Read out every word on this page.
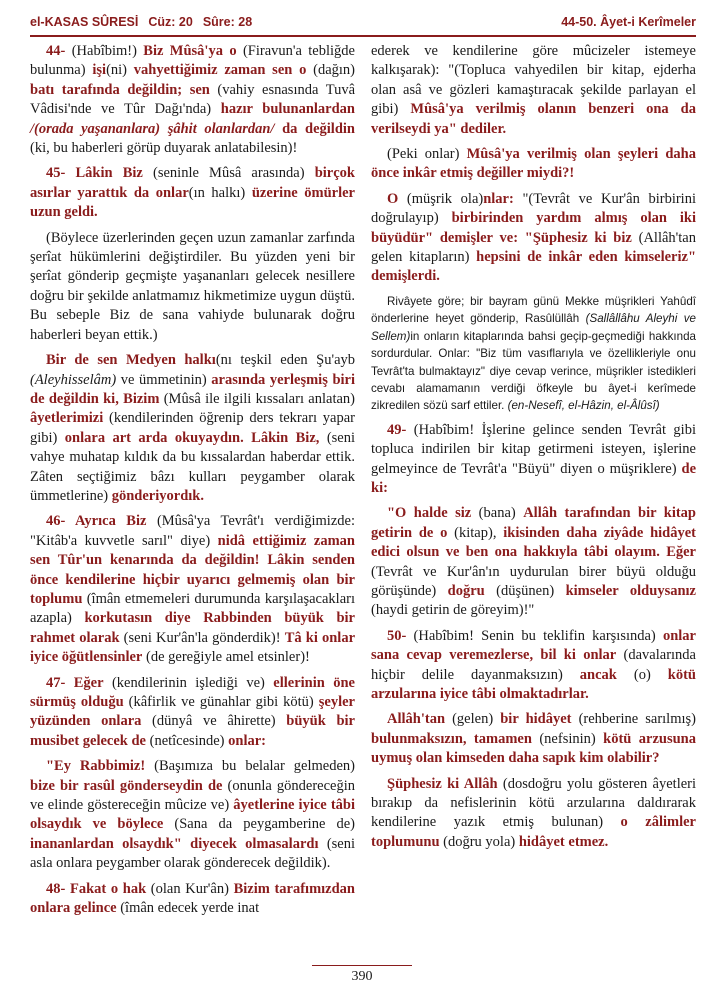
el-KASAS SÛRESİ Cüz: 20 Sûre: 28	44-50. Âyet-i Kerîmeler

44- (Habîbim!) Biz Mûsâ'ya o (Firavun'a tebliğde bulunma) işi(ni) vahyettiğimiz zaman sen o (dağın) batı tarafında değildin; sen (vahiy esnasında Tuvâ Vâdisi'nde ve Tûr Dağı'nda) hazır bulunanlardan /(orada yaşananlara) şâhit olanlardan/ da değildin (ki, bu haberleri görüp duyarak anlatabilesin)!

45- Lâkin Biz (seninle Mûsâ arasında) birçok asırlar yarattık da onlar(ın halkı) üzerine ömürler uzun geldi.

(Böylece üzerlerinden geçen uzun zamanlar zarfında şerîat hükümlerini değiştirdiler. Bu yüzden yeni bir şerîat gönderip geçmişte yaşananları gelecek nesillere doğru bir şekilde anlatmamız hikmetimize uygun düştü. Bu sebeple Biz de sana vahiyde bulunarak doğru haberleri beyan ettik.)

Bir de sen Medyen halkı(nı teşkil eden Şu'ayb (Aleyhisselâm) ve ümmetinin) arasında yerleşmiş biri de değildin ki, Bizim (Mûsâ ile ilgili kıssaları anlatan) âyetlerimizi (kendilerinden öğrenip ders tekrarı yapar gibi) onlara art arda okuyaydın. Lâkin Biz, (seni vahye muhatap kıldık da bu kıssalardan haberdar ettik. Zâten seçtiğimiz bâzı kulları peygamber olarak ümmetlerine) gönderiyordık.

46- Ayrıca Biz (Mûsâ'ya Tevrât'ı verdiğimizde: "Kitâb'a kuvvetle sarıl" diye) nidâ ettiğimiz zaman sen Tûr'un kenarında da değildin! Lâkin senden önce kendilerine hiçbir uyarıcı gelmemiş olan bir toplumu (îmân etmemeleri durumunda karşılaşacakları azapla) korkutasın diye Rabbinden büyük bir rahmet olarak (seni Kur'ân'la gönderdik)! Tâ ki onlar iyice öğütlensinler (de gereğiyle amel etsinler)!

47- Eğer (kendilerinin işlediği ve) ellerinin öne sürmüş olduğu (kâfirlik ve günahlar gibi kötü) şeyler yüzünden onlara (dünyâ ve âhirette) büyük bir musibet gelecek de (netîcesinde) onlar:

"Ey Rabbimiz! (Başımıza bu belalar gelmeden) bize bir rasûl gönderseydin de (onunla göndereceğin ve elinde göstereceğin mûcize ve) âyetlerine iyice tâbi olsaydık ve böylece (Sana da peygamberine de) inananlardan olsaydık" diyecek olmasalardı (seni asla onlara peygamber olarak gönderecek değildik).

48- Fakat o hak (olan Kur'ân) Bizim tarafımızdan onlara gelince (îmân edecek yerde inat

ederek ve kendilerine göre mûcizeler istemeye kalkışarak): "(Topluca vahyedilen bir kitap, ejderha olan asâ ve gözleri kamaştıracak şekilde parlayan el gibi) Mûsâ'ya verilmiş olanın benzeri ona da verilseydi ya" dediler.

(Peki onlar) Mûsâ'ya verilmiş olan şeyleri daha önce inkâr etmiş değiller miydi?!

O (müşrik ola)nlar: "(Tevrât ve Kur'ân birbirini doğrulayıp) birbirinden yardım almış olan iki büyüdür" demişler ve: "Şüphesiz ki biz (Allâh'tan gelen kitapların) hepsini de inkâr eden kimseleriz" demişlerdi.

Rivâyete göre; bir bayram günü Mekke müşrikleri Yahûdî önderlerine heyet gönderip, Rasûlüllâh (Sallâllâhu Aleyhi ve Sellem)in onların kitaplarında bahsi geçip-geçmediği hakkında sordurdular. Onlar: "Biz tüm vasıflarıyla ve özellikleriyle onu Tevrât'ta bulmaktayız" diye cevap verince, müşrikler istedikleri cevabı alamamanın verdiği öfkeyle bu âyet-i kerîmede zikredilen sözü sarf ettiler. (en-Nesefî, el-Hâzin, el-Âlûsî)

49- (Habîbim! İşlerine gelince senden Tevrât gibi topluca indirilen bir kitap getirmeni isteyen, işlerine gelmeyince de Tevrât'a "Büyü" diyen o müşriklere) de ki:

"O halde siz (bana) Allâh tarafından bir kitap getirin de o (kitap), ikisinden daha ziyâde hidâyet edici olsun ve ben ona hakkıyla tâbi olayım. Eğer (Tevrât ve Kur'ân'ın uydurulan birer büyü olduğu görüşünde) doğru (düşünen) kimseler olduysanız (haydi getirin de göreyim)!"

50- (Habîbim! Senin bu teklifin karşısında) onlar sana cevap veremezlerse, bil ki onlar (davalarında hiçbir delile dayanmaksızın) ancak (o) kötü arzularına iyice tâbi olmaktadırlar.

Allâh'tan (gelen) bir hidâyet (rehberine sarılmış) bulunmaksızın, tamamen (nefsinin) kötü arzusuna uymuş olan kimseden daha sapık kim olabilir?

Şüphesiz ki Allâh (dosdoğru yolu gösteren âyetleri bırakıp da nefislerinin kötü arzularına daldırarak kendilerine yazık etmiş bulunan) o zâlimler toplumunu (doğru yola) hidâyet etmez.

390
